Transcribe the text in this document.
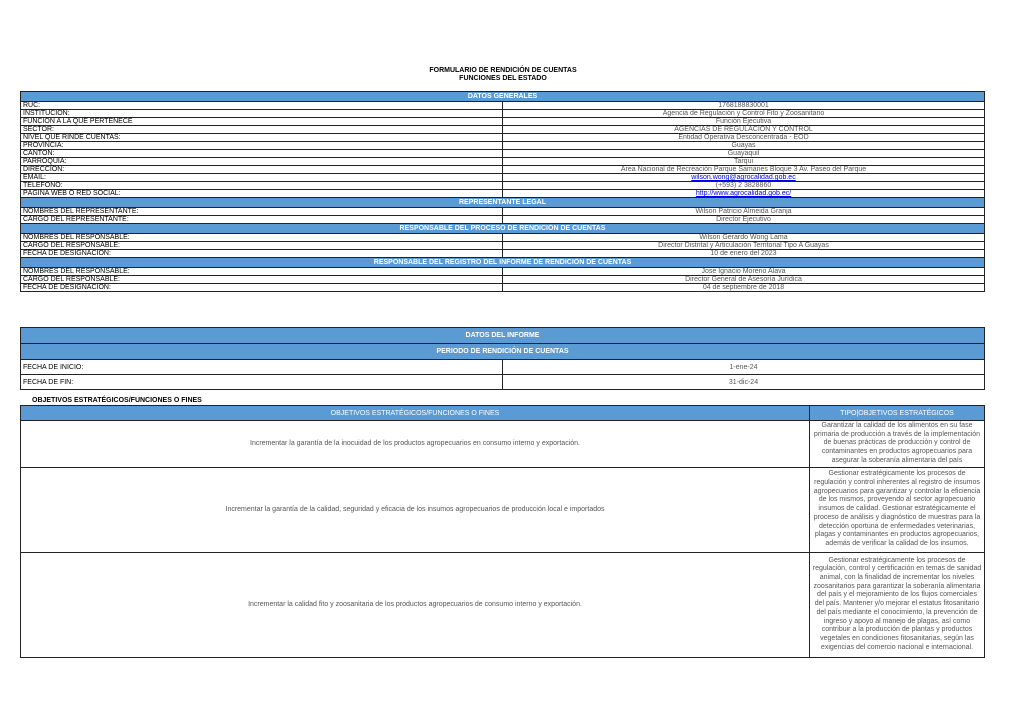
FORMULARIO DE RENDICIÓN DE CUENTAS
FUNCIONES DEL ESTADO
DATOS GENERALES	
RUC:	1768188830001
INSTITUCIÓN:	Agencia de Regulación y Control Fito y Zoosanitario
FUNCIÓN A LA QUE PERTENECE	Función Ejecutiva
SECTOR:	AGENCIAS DE REGULACIÓN Y CONTROL
NIVEL QUE RINDE CUENTAS:	Entidad Operativa Desconcentrada - EOD
PROVINCIA:	Guayas
CANTÓN:	Guayaquil
PARROQUIA:	Tarqui
DIRECCIÓN:	Área Nacional de Recreación Parque Samanes Bloque 3 Av. Paseo del Parque
EMAIL:	wilson.wong@agrocalidad.gob.ec
TELÉFONO:	(+593) 2 3828860
PÁGINA WEB O RED SOCIAL:	http://www.agrocalidad.gob.ec/
REPRESENTANTE LEGAL	
NOMBRES DEL REPRESENTANTE:	Wilson Patricio Almeida Granja
CARGO DEL REPRESENTANTE:	Director Ejecutivo
RESPONSABLE DEL PROCESO DE RENDICIÓN DE CUENTAS	
NOMBRES DEL RESPONSABLE:	Wilson Gerardo Wong Lama
CARGO DEL RESPONSABLE:	Director Distrital y Articulación Territorial Tipo A Guayas
FECHA DE DESIGNACIÓN:	10 de enero del 2023
RESPONSABLE DEL REGISTRO DEL INFORME DE RENDICIÓN DE CUENTAS	
NOMBRES DEL RESPONSABLE:	Jose Ignacio Moreno Alava
CARGO DEL RESPONSABLE:	Director General de Asesoría Jurídica
FECHA DE DESIGNACIÓN:	04 de septiembre de 2018
DATOS DEL INFORME	
PERIODO DE RENDICIÓN DE CUENTAS	
FECHA DE INICIO:	1-ene-24
FECHA DE FIN:	31-dic-24
OBJETIVOS ESTRATÉGICOS/FUNCIONES O FINES
OBJETIVOS ESTRATÉGICOS/FUNCIONES O FINES	TIPO|OBJETIVOS ESTRATÉGICOS
Incrementar la garantía de la inocuidad de los productos agropecuarios en consumo interno y exportación.	Garantizar la calidad de los alimentos en su fase primaria de producción a través de la implementación de buenas prácticas de producción y control de contaminantes en productos agropecuarios para asegurar la soberanía alimentaria del país
Incrementar la garantía de la calidad, seguridad y eficacia de los insumos agropecuarios de producción local e importados	Gestionar estratégicamente los procesos de regulación y control inherentes al registro de insumos agropecuarios para garantizar y controlar la eficiencia de los mismos, proveyendo al sector agropecuario insumos de calidad. Gestionar estratégicamente el proceso de análisis y diagnóstico de muestras para la detección oportuna de enfermedades veterinarias, plagas y contaminantes en productos agropecuarios, además de verificar la calidad de los insumos.
Incrementar la calidad fito y zoosanitaria de los productos agropecuarios de consumo interno y exportación.	Gestionar estratégicamente los procesos de regulación, control y certificación en temas de sanidad animal, con la finalidad de incrementar los niveles zoosanitarios para garantizar la soberanía alimentaria del país y el mejoramiento de los flujos comerciales del país. Mantener y/o mejorar el estatus fitosanitario del país mediante el conocimiento, la prevención de ingreso y apoyo al manejo de plagas, así como contribuir a la producción de plantas y productos vegetales en condiciones fitosanitarias, según las exigencias del comercio nacional e internacional.
